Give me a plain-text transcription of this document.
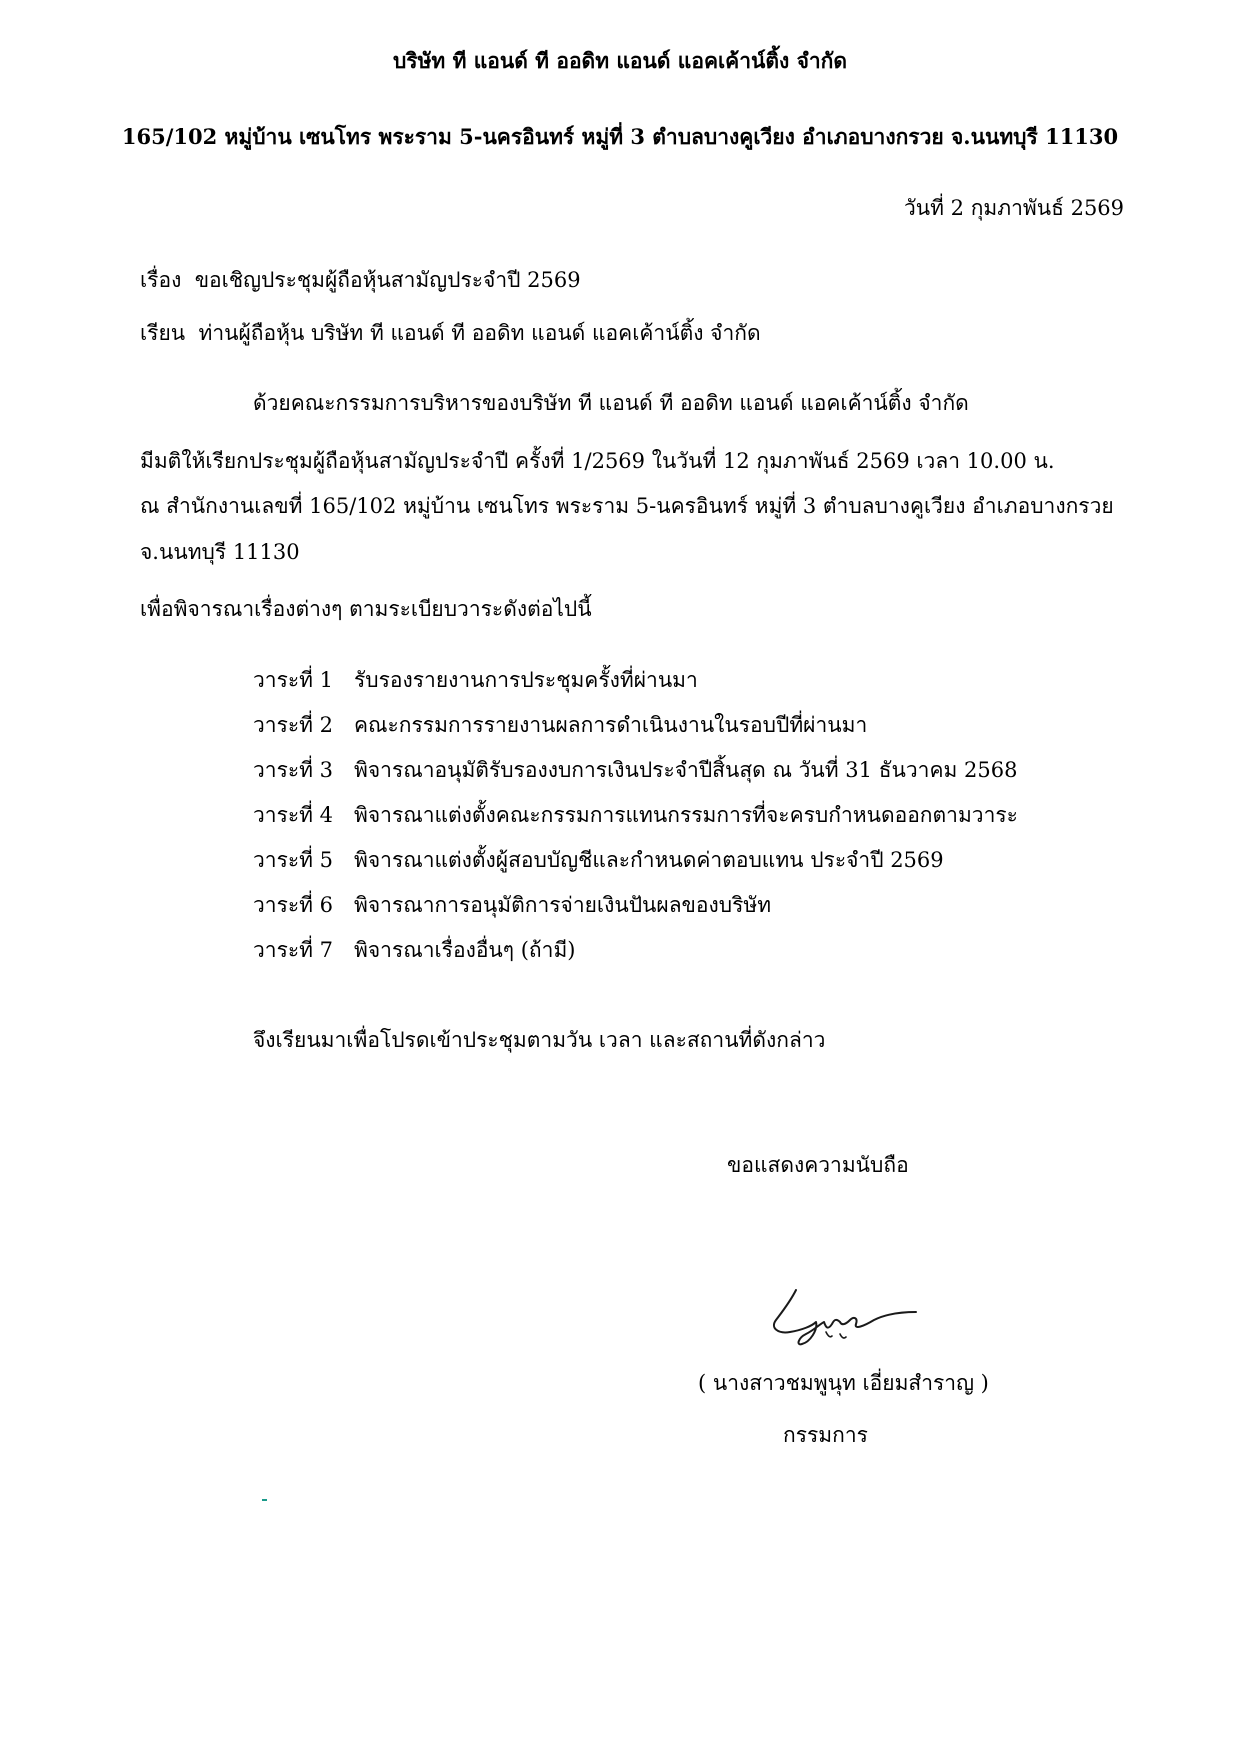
บริษัท ที แอนด์ ที ออดิท แอนด์ แอคเค้าน์ติ้ง จำกัด
165/102 หมู่บ้าน เซนโทร พระราม 5-นครอินทร์ หมู่ที่ 3 ตำบลบางคูเวียง อำเภอบางกรวย จ.นนทบุรี 11130
วันที่ 2 กุมภาพันธ์ 2569
เรื่อง ขอเชิญประชุมผู้ถือหุ้นสามัญประจำปี 2569
เรียน ท่านผู้ถือหุ้น บริษัท ที แอนด์ ที ออดิท แอนด์ แอคเค้าน์ติ้ง จำกัด
ด้วยคณะกรรมการบริหารของบริษัท ที แอนด์ ที ออดิท แอนด์ แอคเค้าน์ติ้ง จำกัด
มีมติให้เรียกประชุมผู้ถือหุ้นสามัญประจำปี ครั้งที่ 1/2569 ในวันที่ 12 กุมภาพันธ์ 2569 เวลา 10.00 น.
ณ สำนักงานเลขที่ 165/102 หมู่บ้าน เซนโทร พระราม 5-นครอินทร์ หมู่ที่ 3 ตำบลบางคูเวียง อำเภอบางกรวย
จ.นนทบุรี 11130
เพื่อพิจารณาเรื่องต่างๆ ตามระเบียบวาระดังต่อไปนี้
วาระที่ 1 รับรองรายงานการประชุมครั้งที่ผ่านมา
วาระที่ 2 คณะกรรมการรายงานผลการดำเนินงานในรอบปีที่ผ่านมา
วาระที่ 3 พิจารณาอนุมัติรับรองงบการเงินประจำปีสิ้นสุด ณ วันที่ 31 ธันวาคม 2568
วาระที่ 4 พิจารณาแต่งตั้งคณะกรรมการแทนกรรมการที่จะครบกำหนดออกตามวาระ
วาระที่ 5 พิจารณาแต่งตั้งผู้สอบบัญชีและกำหนดค่าตอบแทน ประจำปี 2569
วาระที่ 6 พิจารณาการอนุมัติการจ่ายเงินปันผลของบริษัท
วาระที่ 7 พิจารณาเรื่องอื่นๆ (ถ้ามี)
จึงเรียนมาเพื่อโปรดเข้าประชุมตามวัน เวลา และสถานที่ดังกล่าว
ขอแสดงความนับถือ
( นางสาวชมพูนุท เอี่ยมสำราญ )
กรรมการ
